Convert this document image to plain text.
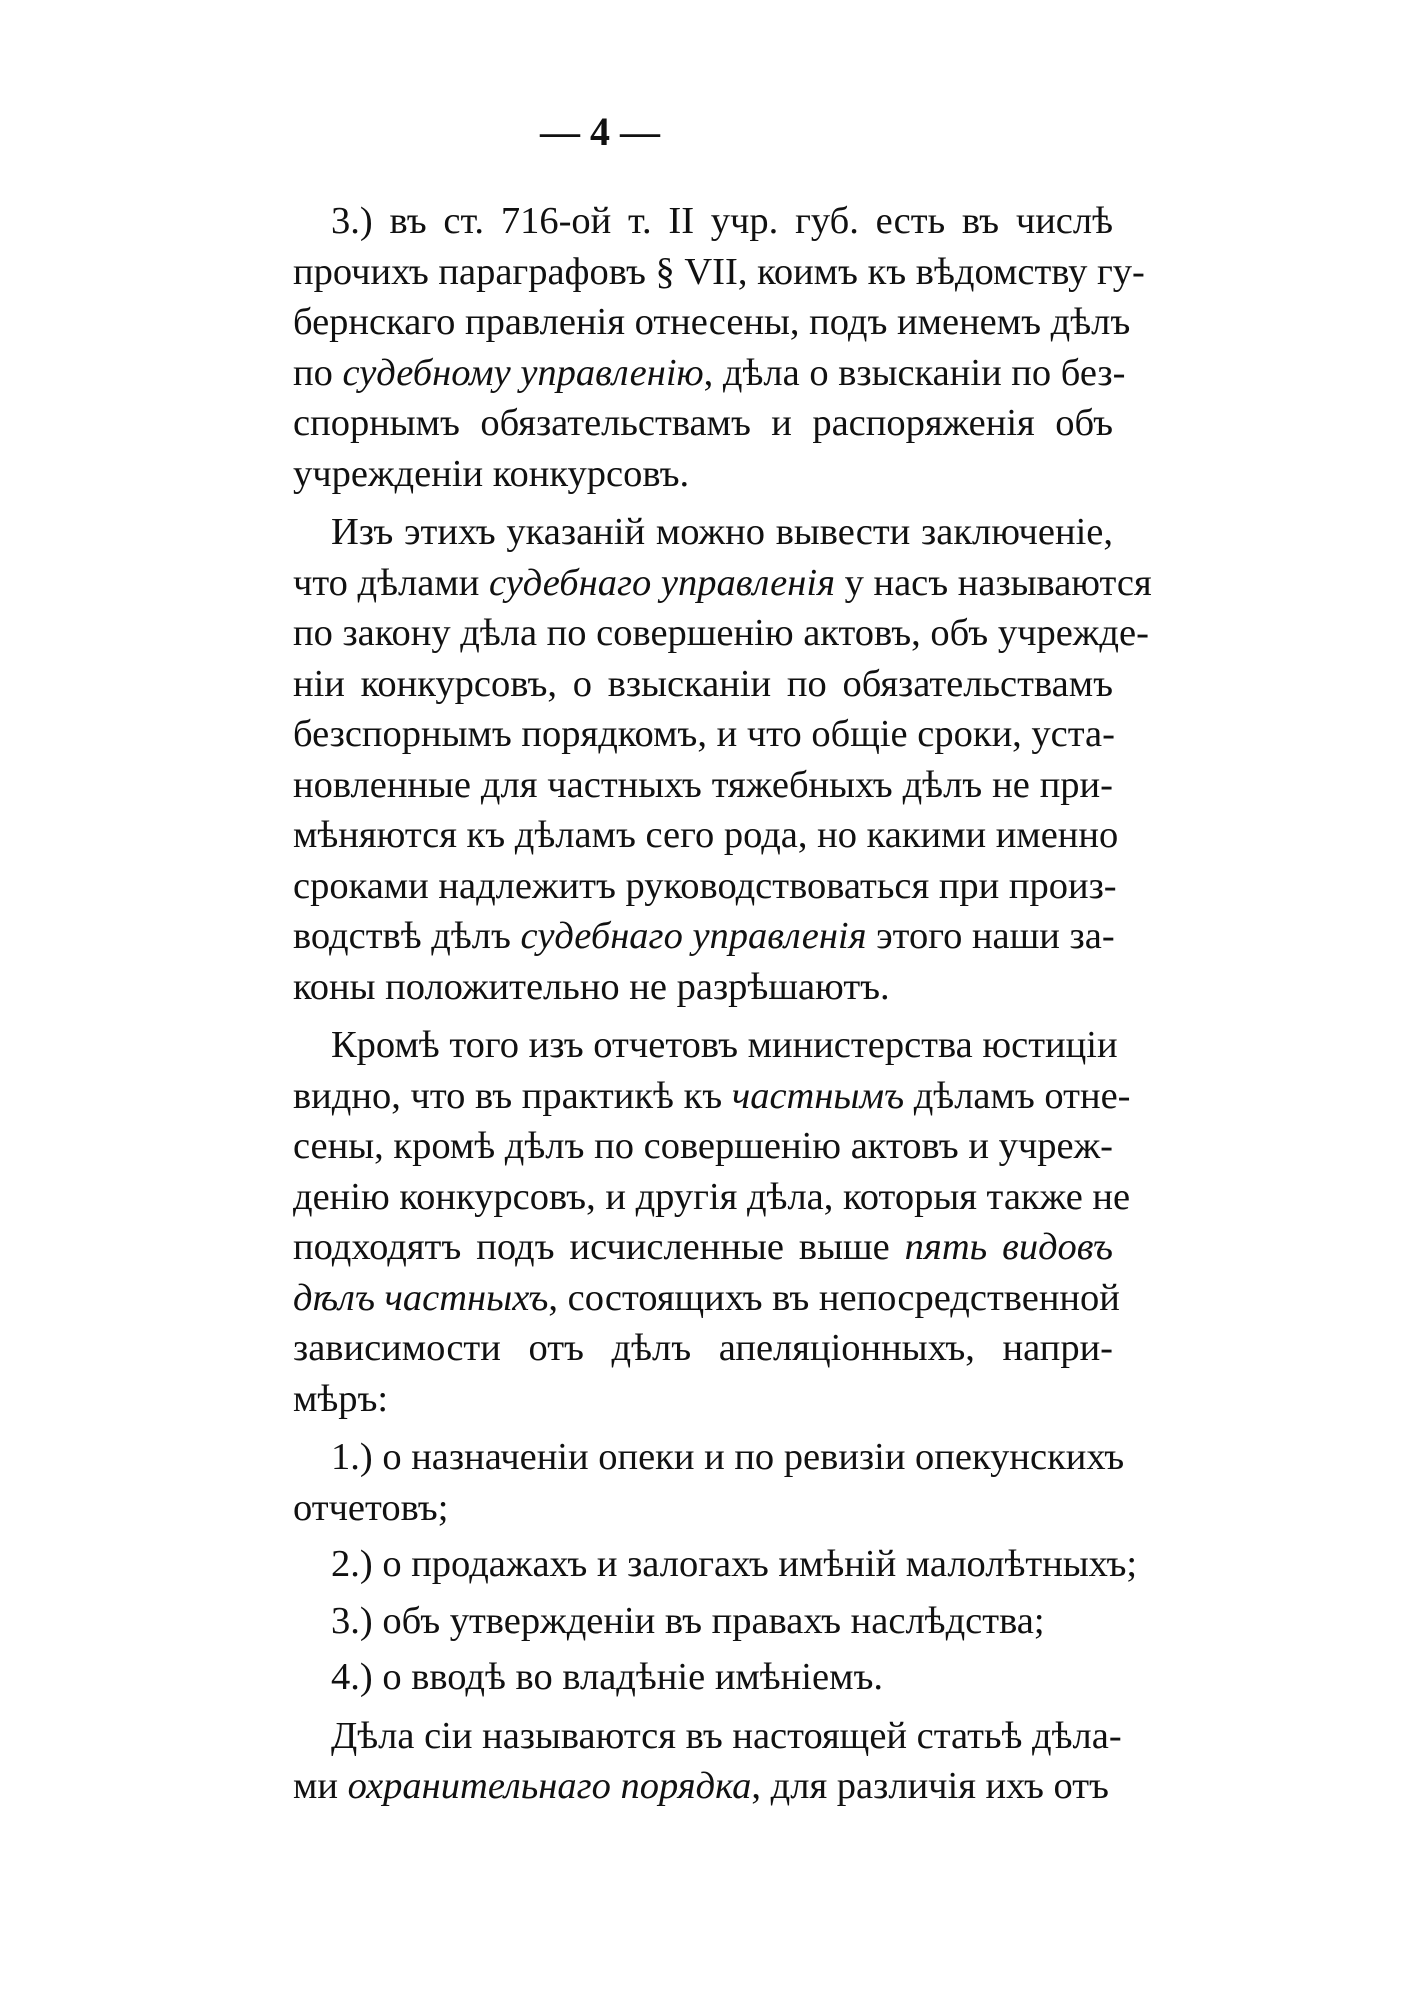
— 4 —
3.) въ ст. 716-ой т. II учр. губ. есть въ числѣ
прочихъ параграфовъ § VII, коимъ къ вѣдомству гу-
бернскаго правленія отнесены, подъ именемъ дѣлъ
по судебному управленію, дѣла о взысканіи по без-
спорнымъ обязательствамъ и распоряженія объ
учрежденіи конкурсовъ.
Изъ этихъ указаній можно вывести заключеніе,
что дѣлами судебнаго управленія у насъ называются
по закону дѣла по совершенію актовъ, объ учрежде-
ніи конкурсовъ, о взысканіи по обязательствамъ
безспорнымъ порядкомъ, и что общіе сроки, уста-
новленные для частныхъ тяжебныхъ дѣлъ не при-
мѣняются къ дѣламъ сего рода, но какими именно
сроками надлежитъ руководствоваться при произ-
водствѣ дѣлъ судебнаго управленія этого наши за-
коны положительно не разрѣшаютъ.
Кромѣ того изъ отчетовъ министерства юстиціи
видно, что въ практикѣ къ частнымъ дѣламъ отне-
сены, кромѣ дѣлъ по совершенію актовъ и учреж-
денію конкурсовъ, и другія дѣла, которыя также не
подходятъ подъ исчисленные выше пять видовъ
дѣлъ частныхъ, состоящихъ въ непосредственной
зависимости отъ дѣлъ апеляціонныхъ, напри-
мѣръ:
1.) о назначеніи опеки и по ревизіи опекунскихъ
отчетовъ;
2.) о продажахъ и залогахъ имѣній малолѣтныхъ;
3.) объ утвержденіи въ правахъ наслѣдства;
4.) о вводѣ во владѣніе имѣніемъ.
Дѣла сіи называются въ настоящей статьѣ дѣла-
ми охранительнаго порядка, для различія ихъ отъ
